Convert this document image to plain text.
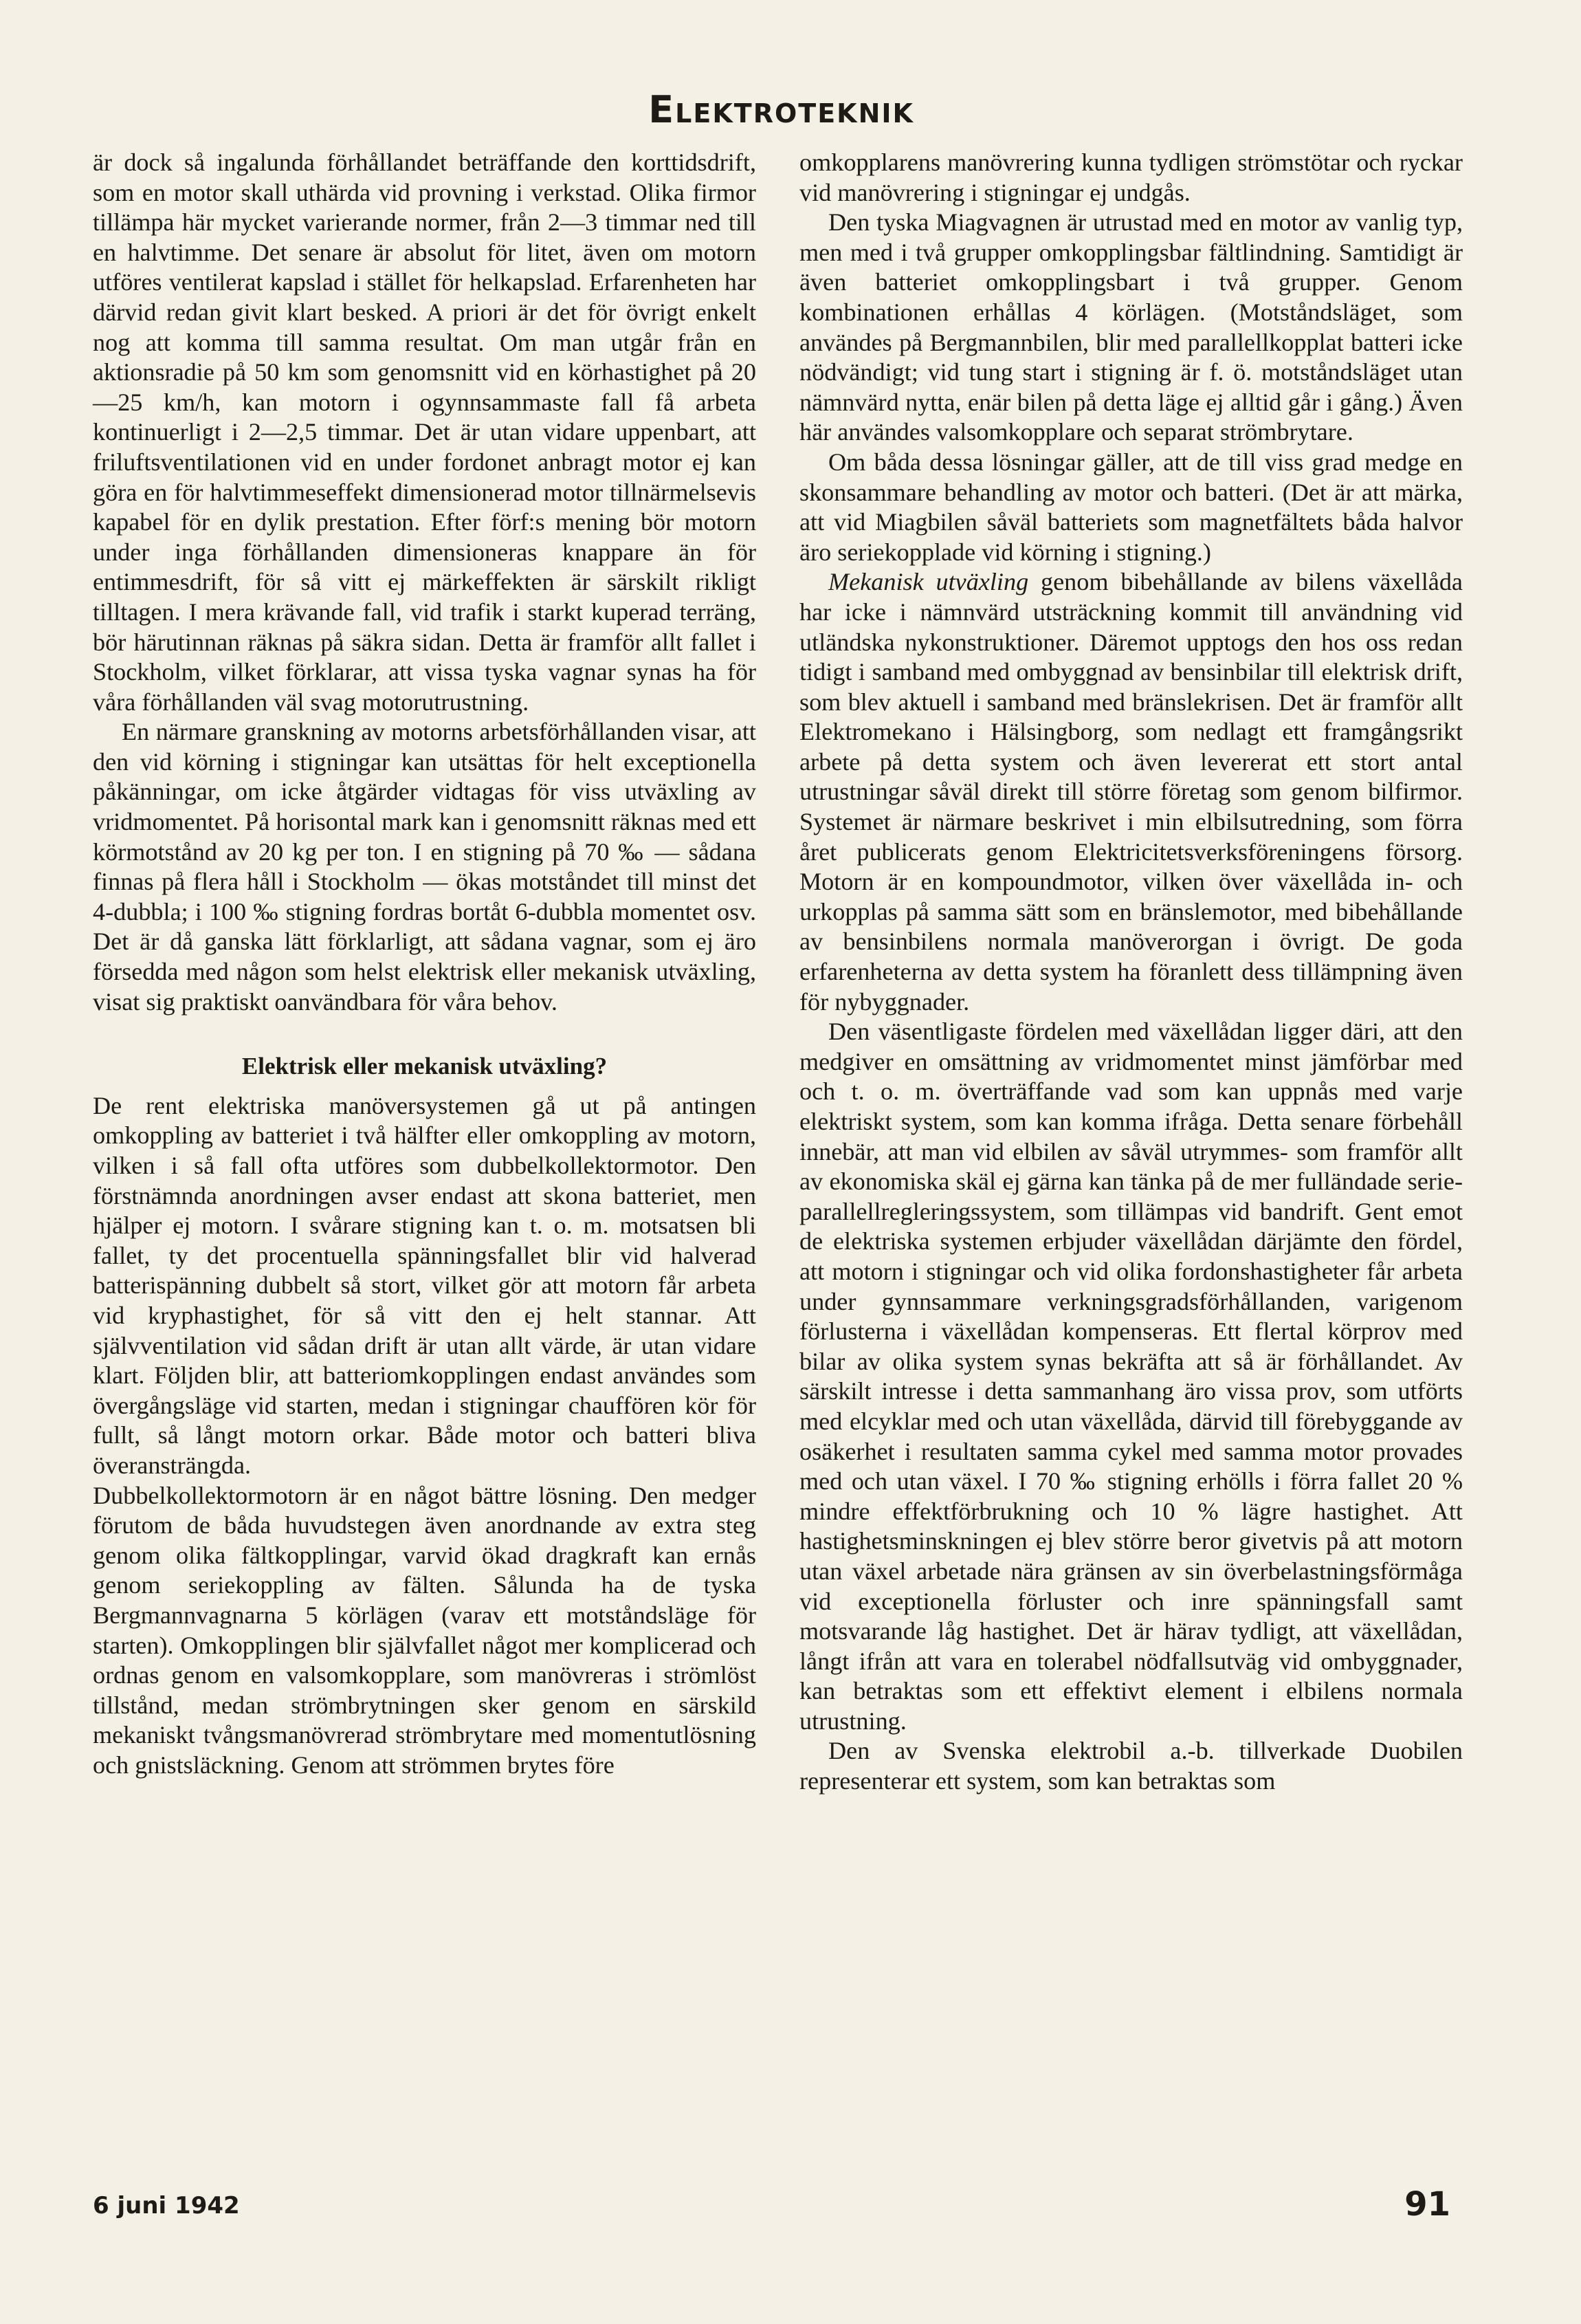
Elektroteknik

är dock så ingalunda förhållandet beträffande den korttidsdrift, som en motor skall uthärda vid provning i verkstad. Olika firmor tillämpa här mycket varierande normer, från 2—3 timmar ned till en halvtimme. Det senare är absolut för litet, även om motorn utföres ventilerat kapslad i stället för helkapslad. Erfarenheten har därvid redan givit klart besked. A priori är det för övrigt enkelt nog att komma till samma resultat. Om man utgår från en aktionsradie på 50 km som genomsnitt vid en körhastighet på 20—25 km/h, kan motorn i ogynnsammaste fall få arbeta kontinuerligt i 2—2,5 timmar. Det är utan vidare uppenbart, att friluftsventilationen vid en under fordonet anbragt motor ej kan göra en för halvtimmeseffekt dimensionerad motor tillnärmelsevis kapabel för en dylik prestation. Efter förf:s mening bör motorn under inga förhållanden dimensioneras knappare än för entimmesdrift, för så vitt ej märkeffekten är särskilt rikligt tilltagen. I mera krävande fall, vid trafik i starkt kuperad terräng, bör härutinnan räknas på säkra sidan. Detta är framför allt fallet i Stockholm, vilket förklarar, att vissa tyska vagnar synas ha för våra förhållanden väl svag motorutrustning.

En närmare granskning av motorns arbetsförhållanden visar, att den vid körning i stigningar kan utsättas för helt exceptionella påkänningar, om icke åtgärder vidtagas för viss utväxling av vridmomentet. På horisontal mark kan i genomsnitt räknas med ett körmotstånd av 20 kg per ton. I en stigning på 70 ‰ — sådana finnas på flera håll i Stockholm — ökas motståndet till minst det 4-dubbla; i 100 ‰ stigning fordras bortåt 6-dubbla momentet osv. Det är då ganska lätt förklarligt, att sådana vagnar, som ej äro försedda med någon som helst elektrisk eller mekanisk utväxling, visat sig praktiskt oanvändbara för våra behov.

Elektrisk eller mekanisk utväxling?

De rent elektriska manöversystemen gå ut på antingen omkoppling av batteriet i två hälfter eller omkoppling av motorn, vilken i så fall ofta utföres som dubbelkollektormotor. Den förstnämnda anordningen avser endast att skona batteriet, men hjälper ej motorn. I svårare stigning kan t. o. m. motsatsen bli fallet, ty det procentuella spänningsfallet blir vid halverad batterispänning dubbelt så stort, vilket gör att motorn får arbeta vid kryphastighet, för så vitt den ej helt stannar. Att självventilation vid sådan drift är utan allt värde, är utan vidare klart. Följden blir, att batteriomkopplingen endast användes som övergångsläge vid starten, medan i stigningar chauffören kör för fullt, så långt motorn orkar. Både motor och batteri bliva överansträngda.

Dubbelkollektormotorn är en något bättre lösning. Den medger förutom de båda huvudstegen även anordnande av extra steg genom olika fältkopplingar, varvid ökad dragkraft kan ernås genom seriekoppling av fälten. Sålunda ha de tyska Bergmannvagnarna 5 körlägen (varav ett motståndsläge för starten). Omkopplingen blir självfallet något mer komplicerad och ordnas genom en valsomkopplare, som manövreras i strömlöst tillstånd, medan strömbrytningen sker genom en särskild mekaniskt tvångsmanövrerad strömbrytare med momentutlösning och gnistsläckning. Genom att strömmen brytes före

omkopplarens manövrering kunna tydligen strömstötar och ryckar vid manövrering i stigningar ej undgås.

Den tyska Miagvagnen är utrustad med en motor av vanlig typ, men med i två grupper omkopplingsbar fältlindning. Samtidigt är även batteriet omkopplingsbart i två grupper. Genom kombinationen erhållas 4 körlägen. (Motståndsläget, som användes på Bergmannbilen, blir med parallellkopplat batteri icke nödvändigt; vid tung start i stigning är f. ö. motståndsläget utan nämnvärd nytta, enär bilen på detta läge ej alltid går i gång.) Även här användes valsomkopplare och separat strömbrytare.

Om båda dessa lösningar gäller, att de till viss grad medge en skonsammare behandling av motor och batteri. (Det är att märka, att vid Miagbilen såväl batteriets som magnetfältets båda halvor äro seriekopplade vid körning i stigning.)

Mekanisk utväxling genom bibehållande av bilens växellåda har icke i nämnvärd utsträckning kommit till användning vid utländska nykonstruktioner. Däremot upptogs den hos oss redan tidigt i samband med ombyggnad av bensinbilar till elektrisk drift, som blev aktuell i samband med bränslekrisen. Det är framför allt Elektromekano i Hälsingborg, som nedlagt ett framgångsrikt arbete på detta system och även levererat ett stort antal utrustningar såväl direkt till större företag som genom bilfirmor. Systemet är närmare beskrivet i min elbilsutredning, som förra året publicerats genom Elektricitetsverksföreningens försorg. Motorn är en kompoundmotor, vilken över växellåda in- och urkopplas på samma sätt som en bränslemotor, med bibehållande av bensinbilens normala manöverorgan i övrigt. De goda erfarenheterna av detta system ha föranlett dess tillämpning även för nybyggnader.

Den väsentligaste fördelen med växellådan ligger däri, att den medgiver en omsättning av vridmomentet minst jämförbar med och t. o. m. överträffande vad som kan uppnås med varje elektriskt system, som kan komma ifråga. Detta senare förbehåll innebär, att man vid elbilen av såväl utrymmes- som framför allt av ekonomiska skäl ej gärna kan tänka på de mer fulländade serie-parallellregleringssystem, som tillämpas vid bandrift. Gent emot de elektriska systemen erbjuder växellådan därjämte den fördel, att motorn i stigningar och vid olika fordonshastigheter får arbeta under gynnsammare verkningsgradsförhållanden, varigenom förlusterna i växellådan kompenseras. Ett flertal körprov med bilar av olika system synas bekräfta att så är förhållandet. Av särskilt intresse i detta sammanhang äro vissa prov, som utförts med elcyklar med och utan växellåda, därvid till förebyggande av osäkerhet i resultaten samma cykel med samma motor provades med och utan växel. I 70 ‰ stigning erhölls i förra fallet 20 % mindre effektförbrukning och 10 % lägre hastighet. Att hastighetsminskningen ej blev större beror givetvis på att motorn utan växel arbetade nära gränsen av sin överbelastningsförmåga vid exceptionella förluster och inre spänningsfall samt motsvarande låg hastighet. Det är härav tydligt, att växellådan, långt ifrån att vara en tolerabel nödfallsutväg vid ombyggnader, kan betraktas som ett effektivt element i elbilens normala utrustning.

Den av Svenska elektrobil a.-b. tillverkade Duobilen representerar ett system, som kan betraktas som

6 juni 1942	91
